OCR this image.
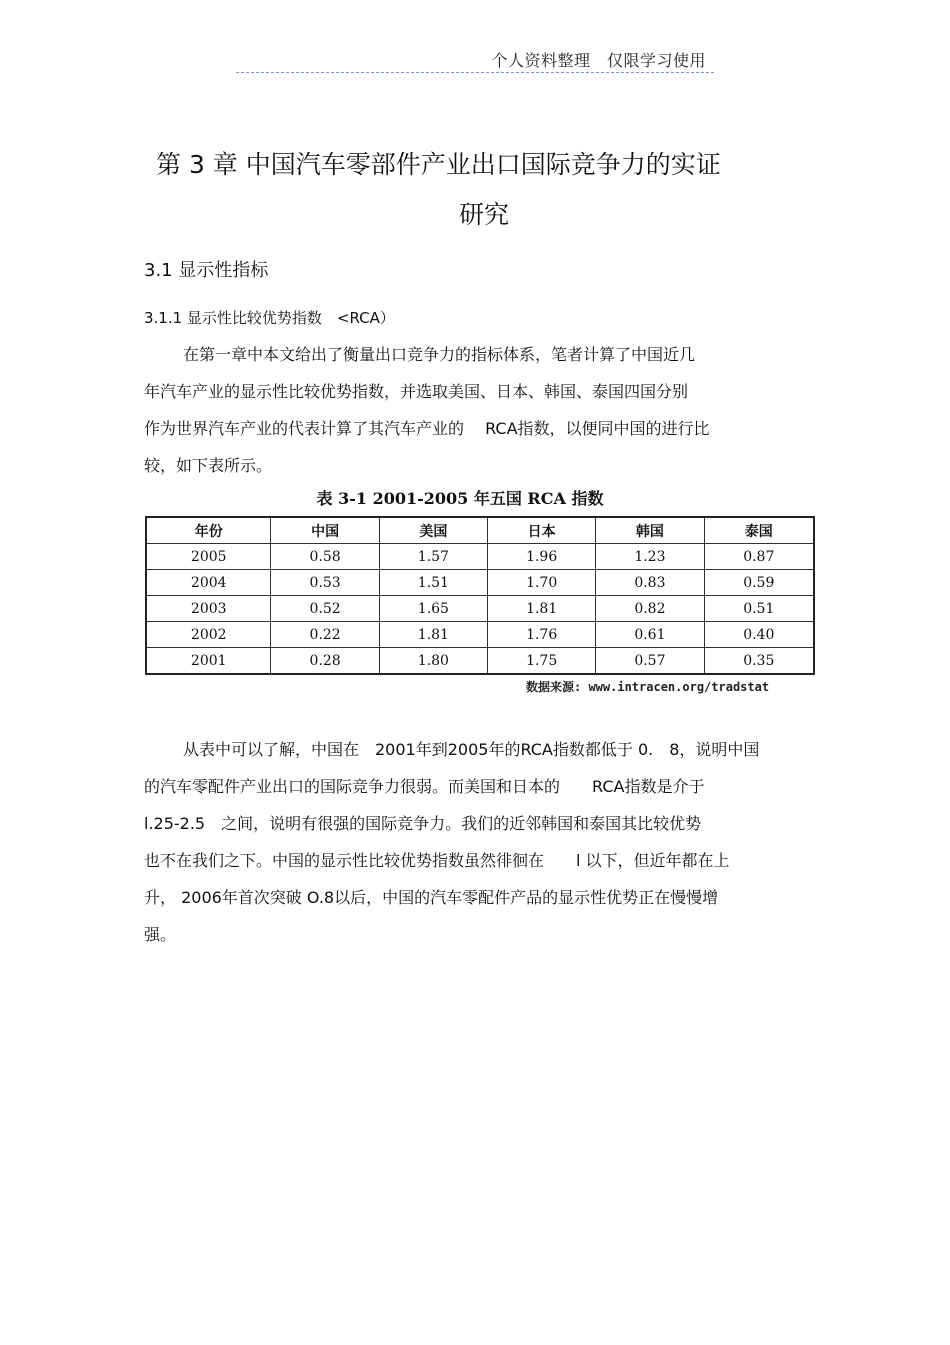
个人资料整理　仅限学习使用
第 3 章 中国汽车零部件产业出口国际竞争力的实证
研究
3.1 显示性指标
3.1.1 显示性比较优势指数　<RCA）
在第一章中本文给出了衡量出口竞争力的指标体系，笔者计算了中国近几
年汽车产业的显示性比较优势指数，并选取美国、日本、韩国、泰国四国分别
作为世界汽车产业的代表计算了其汽车产业的　 RCA指数，以便同中国的进行比
较，如下表所示。
表 3-1 2001-2005 年五国 RCA 指数
年份	中国	美国	日本	韩国	泰国
2005	0.58	1.57	1.96	1.23	0.87
2004	0.53	1.51	1.70	0.83	0.59
2003	0.52	1.65	1.81	0.82	0.51
2002	0.22	1.81	1.76	0.61	0.40
2001	0.28	1.80	1.75	0.57	0.35
数据来源: www.intracen.org/tradstat
从表中可以了解，中国在　2001年到2005年的RCA指数都低于 0.　8，说明中国
的汽车零配件产业出口的国际竞争力很弱。而美国和日本的　　RCA指数是介于
l.25-2.5　之间，说明有很强的国际竞争力。我们的近邻韩国和泰国其比较优势
也不在我们之下。中国的显示性比较优势指数虽然徘徊在　　l 以下，但近年都在上
升， 2006年首次突破 O.8以后，中国的汽车零配件产品的显示性优势正在慢慢增
强。
